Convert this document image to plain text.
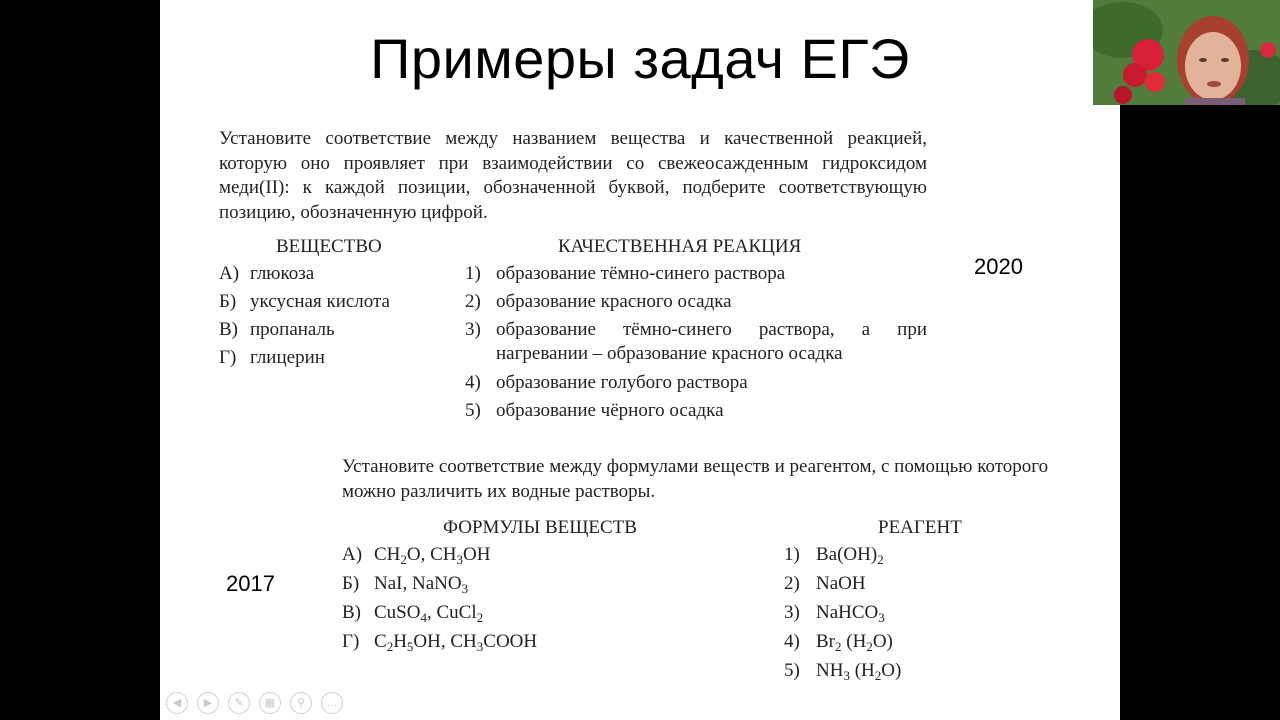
Примеры задач ЕГЭ
Установите соответствие между названием вещества и качественной реакцией, которую оно проявляет при взаимодействии со свежеосажденным гидроксидом меди(II): к каждой позиции, обозначенной буквой, подберите соответствующую позицию, обозначенную цифрой.
ВЕЩЕСТВО	КАЧЕСТВЕННАЯ РЕАКЦИЯ
А) глюкоза
Б) уксусная кислота
В) пропаналь
Г) глицерин
1) образование тёмно-синего раствора
2) образование красного осадка
3) образование тёмно-синего раствора, а при нагревании – образование красного осадка
4) образование голубого раствора
5) образование чёрного осадка
2020
Установите соответствие между формулами веществ и реагентом, с помощью которого можно различить их водные растворы.
ФОРМУЛЫ ВЕЩЕСТВ	РЕАГЕНТ
А) $CH_2O$, $CH_3OH$
Б) NaI, NaNO$_3$
В) CuSO$_4$, CuCl$_2$
Г) $C_2H_5OH$, $CH_3COOH$
1) $Ba(OH)_2$
2) NaOH
3) NaHCO$_3$
4) $Br_2$ $(H_2O)$
5) $NH_3$ $(H_2O)$
2017
◀	▶	✎	▦	⚲	…
